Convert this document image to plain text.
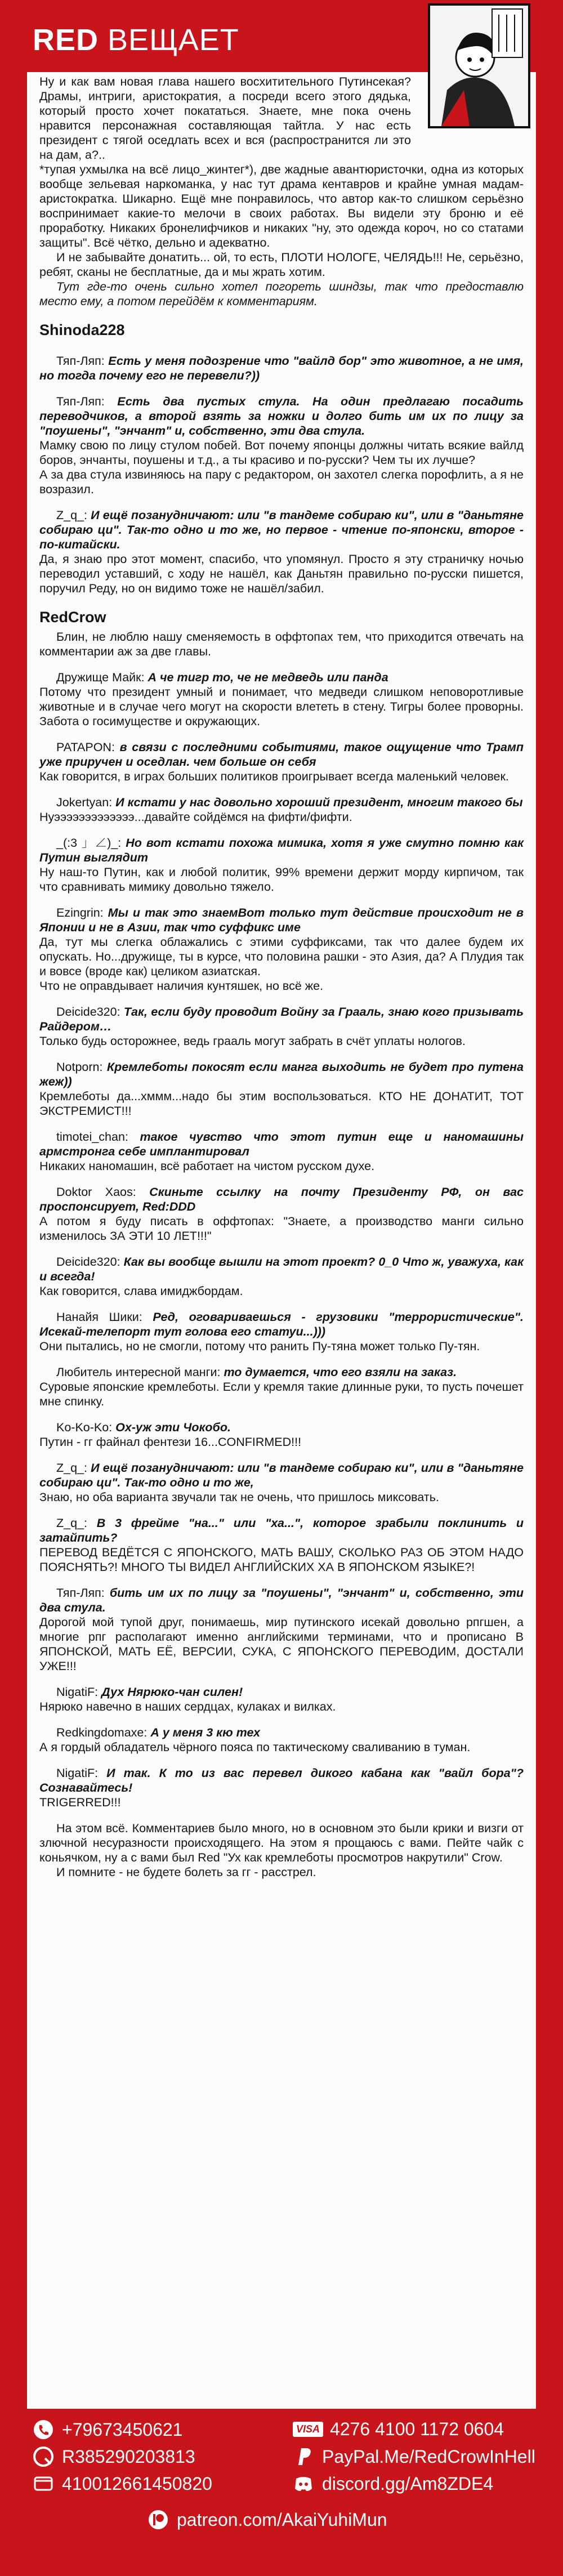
RED ВЕЩАЕТ

Ну и как вам новая глава нашего восхитительного Путинсекая? Драмы, интриги, аристократия, а посреди всего этого дядька, который просто хочет покататься. Знаете, мне пока очень нравится персонажная составляющая тайтла. У нас есть президент с тягой оседлать всех и вся (распространится ли это на дам, а?..

*тупая ухмылка на всё лицо_жинтег*), две жадные авантюристочки, одна из которых вообще зельевая наркоманка, у нас тут драма кентавров и крайне умная мадам-аристократка. Шикарно. Ещё мне понравилось, что автор как-то слишком серьёзно воспринимает какие-то мелочи в своих работах. Вы видели эту броню и её проработку. Никаких бронелифчиков и никаких "ну, это одежда короч, но со статами защиты". Всё чётко, дельно и адекватно.

И не забывайте донатить... ой, то есть, ПЛОТИ НОЛОГЕ, ЧЕЛЯДЬ!!! Не, серьёзно, ребят, сканы не бесплатные, да и мы жрать хотим.

Тут где-то очень сильно хотел погореть шиндзы, так что предоставлю место ему, а потом перейдём к комментариям.

Shinoda228

Тяп-Ляп: Есть у меня подозрение что "вайлд бор" это животное, а не имя, но тогда почему его не перевели?))

Тяп-Ляп: Есть два пустых стула. На один предлагаю посадить переводчиков, а второй взять за ножки и долго бить им их по лицу за "поушены", "энчант" и, собственно, эти два стула.

Мамку свою по лицу стулом побей. Вот почему японцы должны читать всякие вайлд боров, энчанты, поушены и т.д., а ты красиво и по-русски? Чем ты их лучше?
А за два стула извиняюсь на пару с редактором, он захотел слегка порофлить, а я не возразил.

Z_q_: И ещё позанудничают: или "в тандеме собираю ки", или в "даньтяне собираю ци". Так-то одно и то же, но первое - чтение по-японски, второе - по-китайски.

Да, я знаю про этот момент, спасибо, что упомянул. Просто я эту страничку ночью переводил уставший, с ходу не нашёл, как Даньтян правильно по-русски пишется, поручил Реду, но он видимо тоже не нашёл/забил.

RedCrow

Блин, не люблю нашу сменяемость в оффтопах тем, что приходится отвечать на комментарии аж за две главы.

Дружище Майк: А че тигр то, че не медведь или панда

Потому что президент умный и понимает, что медведи слишком неповоротливые животные и в случае чего могут на скорости влететь в стену. Тигры более проворны. Забота о госимуществе и окружающих.

PATAPON: в связи с последними событиями, такое ощущение что Трамп уже приручен и оседлан. чем больше он себя

Как говорится, в играх больших политиков проигрывает всегда маленький человек.

Jokertyan: И кстати у нас довольно хороший президент, многим такого бы

Нуэээээээээээээ...давайте сойдёмся на фифти/фифти.

_(:3 」∠)_: Но вот кстати похожа мимика, хотя я уже смутно помню как Путин выглядит

Ну наш-то Путин, как и любой политик, 99% времени держит морду кирпичом, так что сравнивать мимику довольно тяжело.

Ezingrin: Мы и так это знаемВот только тут действие происходит не в Японии и не в Азии, так что суффикс име

Да, тут мы слегка облажались с этими суффиксами, так что далее будем их опускать. Но...дружище, ты в курсе, что половина рашки - это Азия, да? А Плудия так и вовсе (вроде как) целиком азиатская.
Что не оправдывает наличия кунтяшек, но всё же.

Deicide320: Так, если буду проводит Войну за Грааль, знаю кого призывать Райдером…

Только будь осторожнее, ведь грааль могут забрать в счёт уплаты нологов.

Notporn: Кремлеботы покосят если манга выходить не будет про путена жеж))

Кремлеботы да...хммм...надо бы этим воспользоваться. КТО НЕ ДОНАТИТ, ТОТ ЭКСТРЕМИСТ!!!

timotei_chan: такое чувство что этот путин еще и наномашины армстронга себе имплантировал

Никаких наномашин, всё работает на чистом русском духе.

Doktor Xaos: Скиньте ссылку на почту Президенту РФ, он вас проспонсирует, Red:DDD

А потом я буду писать в оффтопах: "Знаете, а производство манги сильно изменилось ЗА ЭТИ 10 ЛЕТ!!!"

Deicide320: Как вы вообще вышли на этот проект? 0_0 Что ж, уважуха, как и всегда!

Как говорится, слава имиджбордам.

Нанайя Шики: Ред, оговариваешься - грузовики "террористические". Исекай-телепорт тут голова его статуи...)))

Они пытались, но не смогли, потому что ранить Пу-тяна может только Пу-тян.

Любитель интересной манги: то думается, что его взяли на заказ.

Суровые японские кремлеботы. Если у кремля такие длинные руки, то пусть почешет мне спинку.

Ko-Ko-Ko: Ох-уж эти Чокобо.

Путин - гг файнал фентези 16...CONFIRMED!!!

Z_q_: И ещё позанудничают: или "в тандеме собираю ки", или в "даньтяне собираю ци". Так-то одно и то же,

Знаю, но оба варианта звучали так не очень, что пришлось миксовать.

Z_q_: В 3 фрейме "на..." или "ха...", которое зрабыли поклинить и затайпить?

ПЕРЕВОД ВЕДЁТСЯ С ЯПОНСКОГО, МАТЬ ВАШУ, СКОЛЬКО РАЗ ОБ ЭТОМ НАДО ПОЯСНЯТЬ?! МНОГО ТЫ ВИДЕЛ АНГЛИЙСКИХ ХА В ЯПОНСКОМ ЯЗЫКЕ?!

Тяп-Ляп: бить им их по лицу за "поушены", "энчант" и, собственно, эти два стула.

Дорогой мой тупой друг, понимаешь, мир путинского исекай довольно рпгшен, а многие рпг располагают именно английскими терминами, что и прописано В ЯПОНСКОЙ, МАТЬ ЕЁ, ВЕРСИИ, СУКА, С ЯПОНСКОГО ПЕРЕВОДИМ, ДОСТАЛИ УЖЕ!!!

NigatiF: Дух Нярюко-чан силен!

Нярюко навечно в наших сердцах, кулаках и вилках.

Redkingdomaxe: А у меня 3 кю тех

А я гордый обладатель чёрного пояса по тактическому сваливанию в туман.

NigatiF: И так. К то из вас перевел дикого кабана как "вайл бора"? Сознавайтесь!

TRIGERRED!!!

На этом всё. Комментариев было много, но в основном это были крики и визги от злючной несуразности происходящего. На этом я прощаюсь с вами. Пейте чайк с коньячком, ну а с вами был Red "Ух как кремлеботы просмотров накрутили" Crow.

И помните - не будете болеть за гг - расстрел.

+79673450621
R385290203813
410012661450820
VISA 4276 4100 1172 0604
PayPal.Me/RedCrowInHell
discord.gg/Am8ZDE4
patreon.com/AkaiYuhiMun
